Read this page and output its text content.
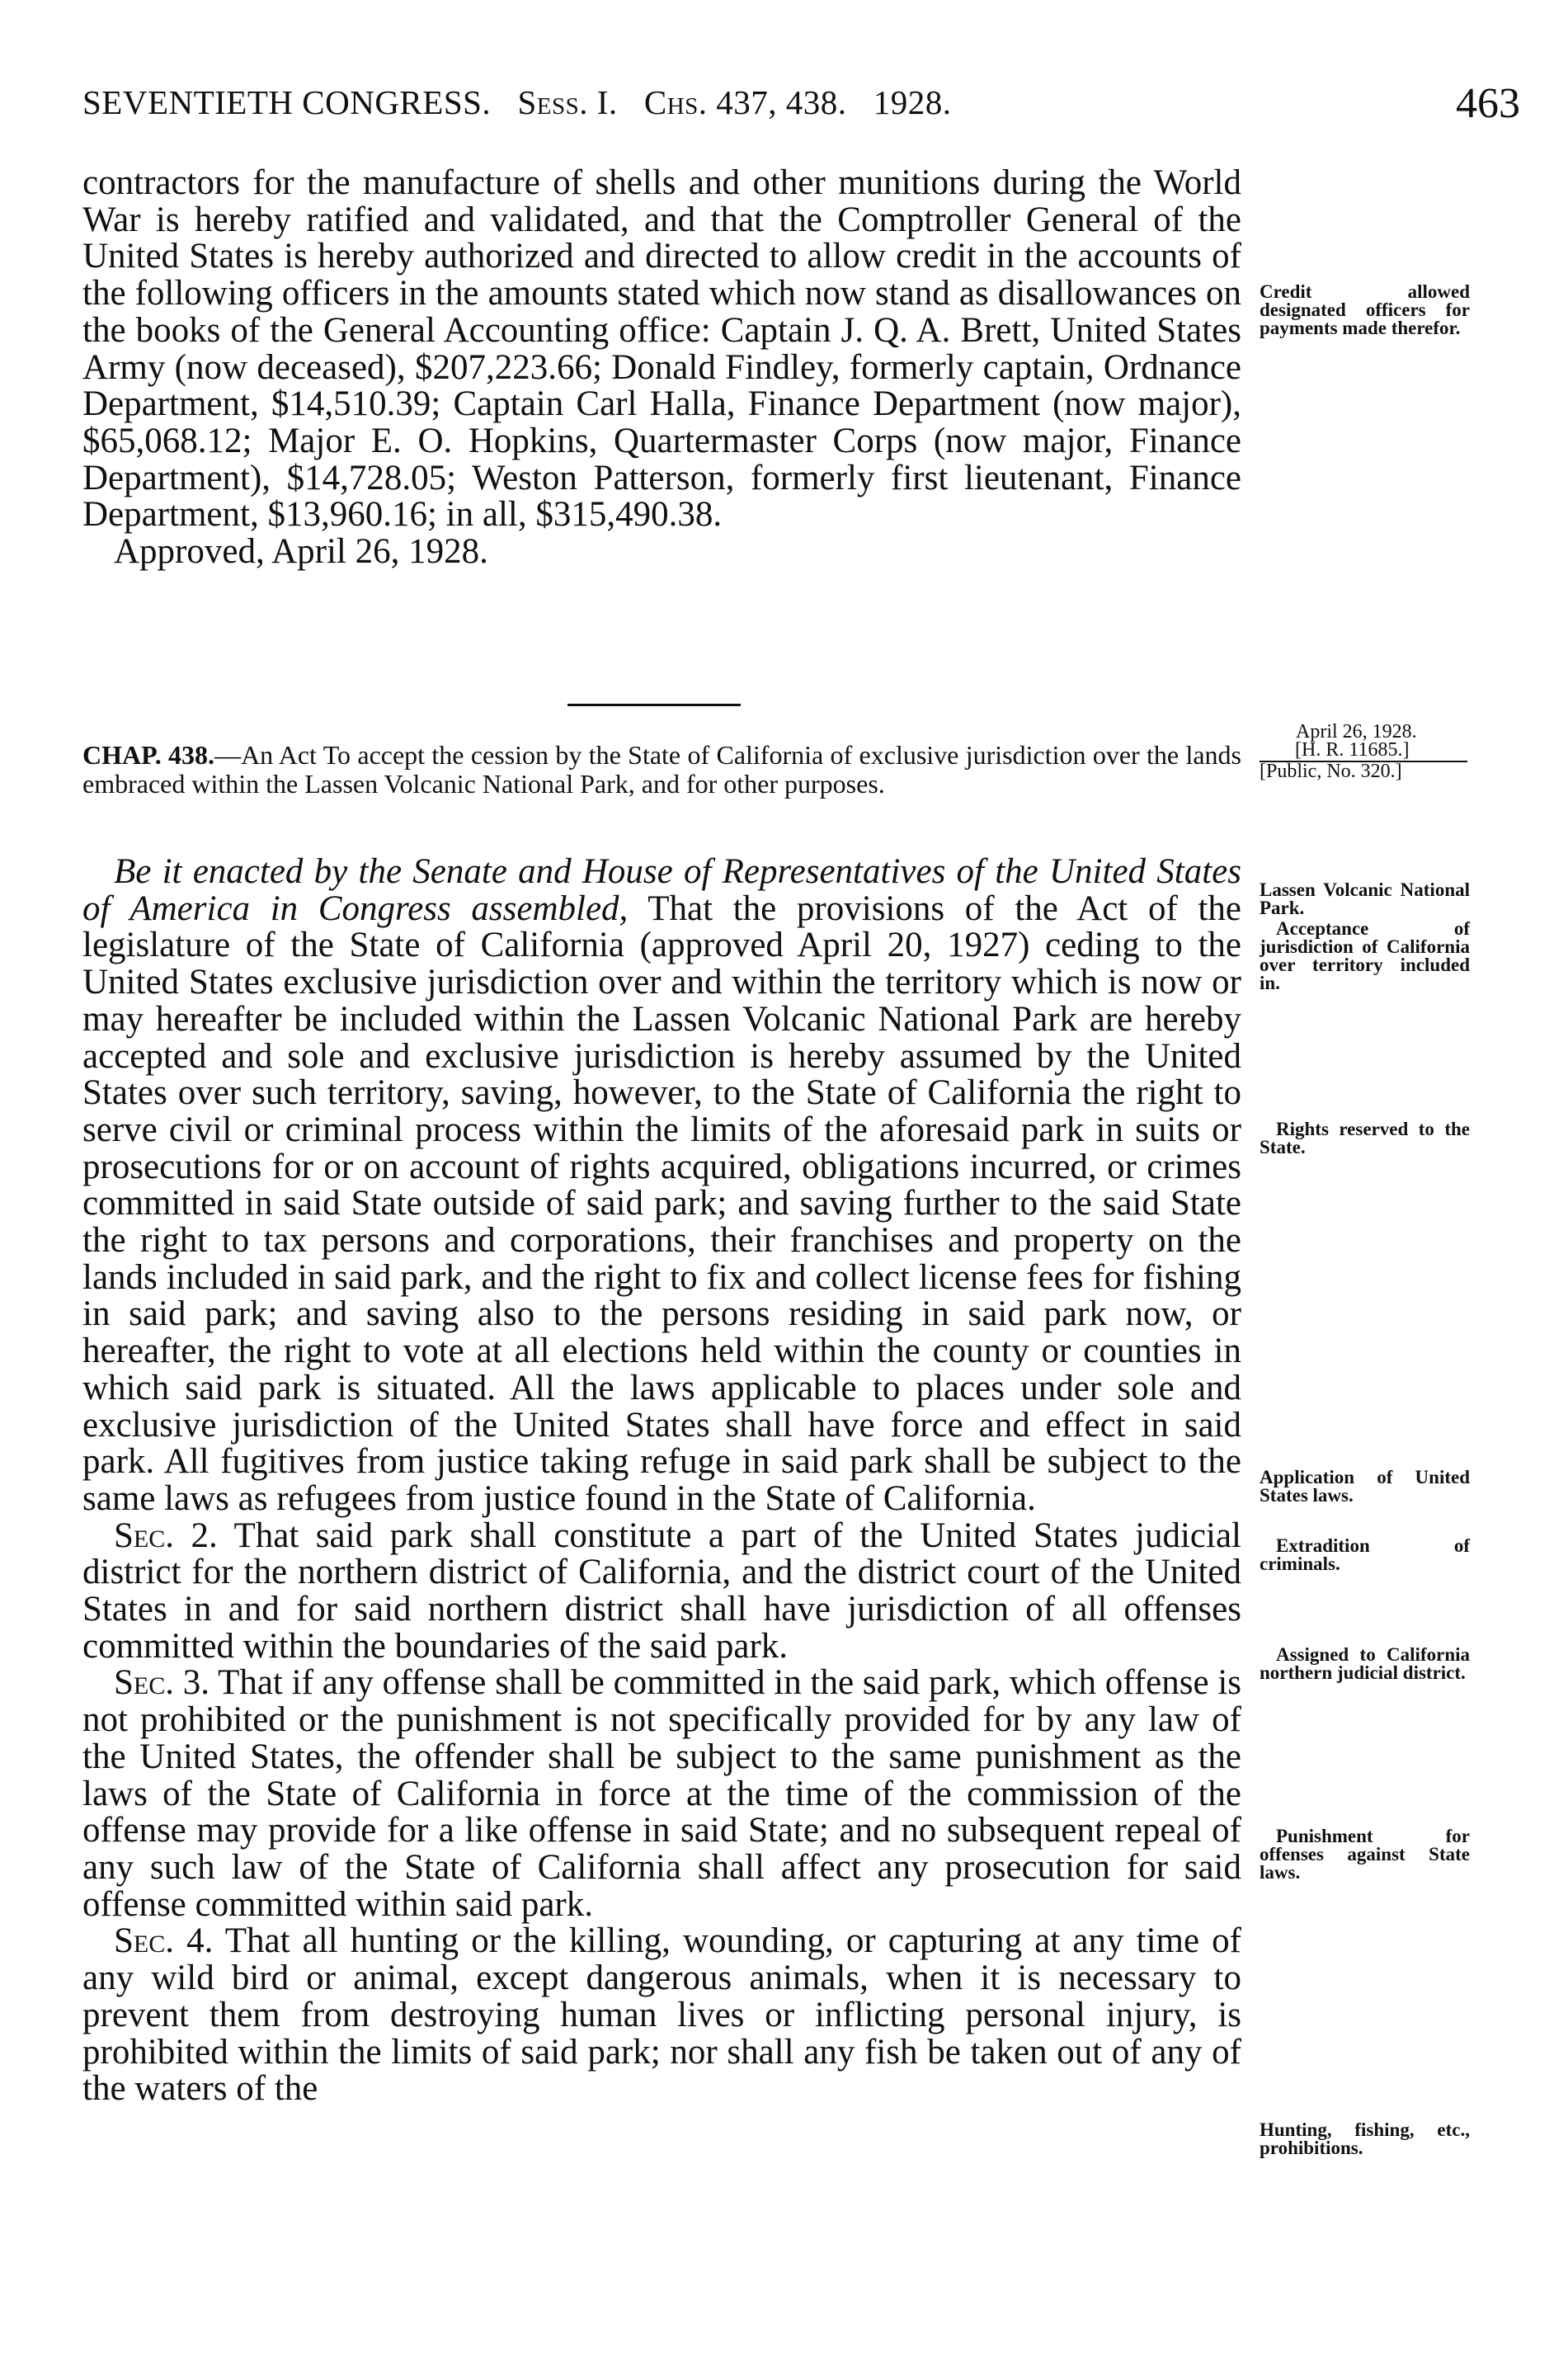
SEVENTIETH CONGRESS. Sess. I. Chs. 437, 438. 1928.	463

contractors for the manufacture of shells and other munitions during the World War is hereby ratified and validated, and that the Comptroller General of the United States is hereby authorized and directed to allow credit in the accounts of the following officers in the amounts stated which now stand as disallowances on the books of the General Accounting office: Captain J. Q. A. Brett, United States Army (now deceased), $207,223.66; Donald Findley, formerly captain, Ordnance Department, $14,510.39; Captain Carl Halla, Finance Department (now major), $65,068.12; Major E. O. Hopkins, Quartermaster Corps (now major, Finance Department), $14,728.05; Weston Patterson, formerly first lieutenant, Finance Department, $13,960.16; in all, $315,490.38.

Approved, April 26, 1928.

Credit allowed designated officers for payments made therefor.
April 26, 1928.
[H. R. 11685.]
[Public, No. 320.]
CHAP. 438.—An Act To accept the cession by the State of California of exclusive jurisdiction over the lands embraced within the Lassen Volcanic National Park, and for other purposes.

Be it enacted by the Senate and House of Representatives of the United States of America in Congress assembled, That the provisions of the Act of the legislature of the State of California (approved April 20, 1927) ceding to the United States exclusive jurisdiction over and within the territory which is now or may hereafter be included within the Lassen Volcanic National Park are hereby accepted and sole and exclusive jurisdiction is hereby assumed by the United States over such territory, saving, however, to the State of California the right to serve civil or criminal process within the limits of the aforesaid park in suits or prosecutions for or on account of rights acquired, obligations incurred, or crimes committed in said State outside of said park; and saving further to the said State the right to tax persons and corporations, their franchises and property on the lands included in said park, and the right to fix and collect license fees for fishing in said park; and saving also to the persons residing in said park now, or hereafter, the right to vote at all elections held within the county or counties in which said park is situated. All the laws applicable to places under sole and exclusive jurisdiction of the United States shall have force and effect in said park. All fugitives from justice taking refuge in said park shall be subject to the same laws as refugees from justice found in the State of California.

Sec. 2. That said park shall constitute a part of the United States judicial district for the northern district of California, and the district court of the United States in and for said northern district shall have jurisdiction of all offenses committed within the boundaries of the said park.

Sec. 3. That if any offense shall be committed in the said park, which offense is not prohibited or the punishment is not specifically provided for by any law of the United States, the offender shall be subject to the same punishment as the laws of the State of California in force at the time of the commission of the offense may provide for a like offense in said State; and no subsequent repeal of any such law of the State of California shall affect any prosecution for said offense committed within said park.

Sec. 4. That all hunting or the killing, wounding, or capturing at any time of any wild bird or animal, except dangerous animals, when it is necessary to prevent them from destroying human lives or inflicting personal injury, is prohibited within the limits of said park; nor shall any fish be taken out of any of the waters of the

Lassen Volcanic National Park.
Acceptance of jurisdiction of California over territory included in.
Rights reserved to the State.
Application of United States laws.
Extradition of criminals.
Assigned to California northern judicial district.
Punishment for offenses against State laws.
Hunting, fishing, etc., prohibitions.
